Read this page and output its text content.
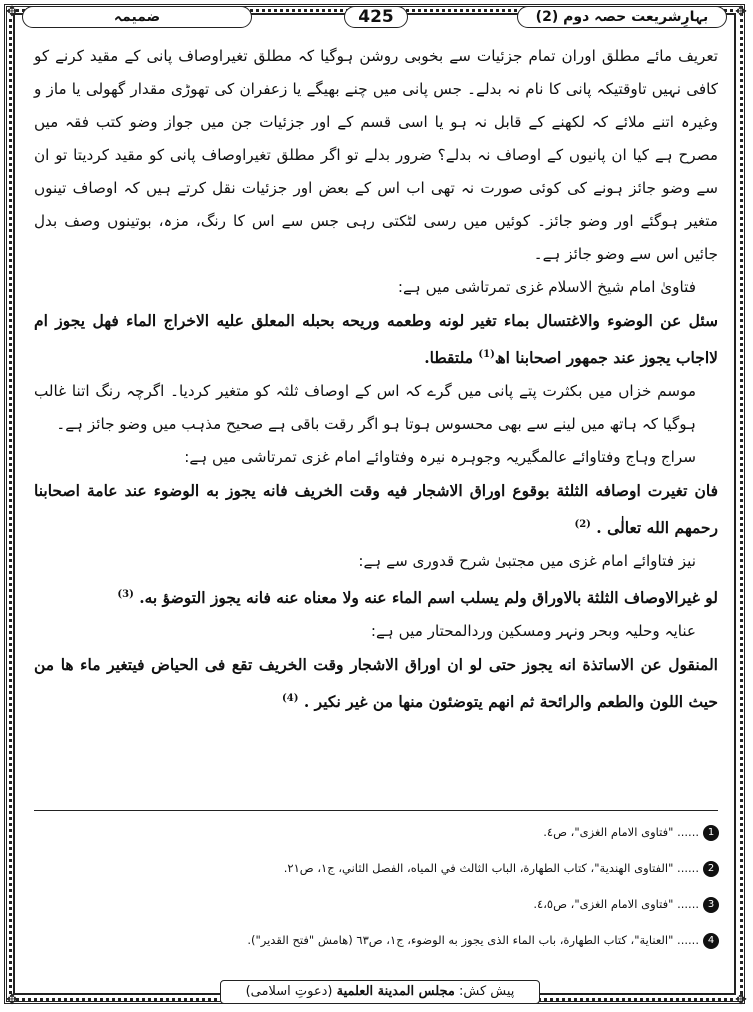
✥	✥
✥	✥
بہارِشریعت حصہ دوم (2)
425
ضمیمہ

تعریف مائے مطلق اوران تمام جزئیات سے بخوبی روشن ہوگیا کہ مطلق تغیراوصاف پانی کے مقید کرنے کو کافی نہیں تاوقتیکہ پانی کا نام نہ بدلے۔ جس پانی میں چنے بھیگے یا زعفران کی تھوڑی مقدار گھولی یا ماز و وغیرہ اتنے ملائے کہ لکھنے کے قابل نہ ہو یا اسی قسم کے اور جزئیات جن میں جواز وضو کتب فقہ میں مصرح ہے کیا ان پانیوں کے اوصاف نہ بدلے؟ ضرور بدلے تو اگر مطلق تغیراوصاف پانی کو مقید کردیتا تو ان سے وضو جائز ہونے کی کوئی صورت نہ تھی اب اس کے بعض اور جزئیات نقل کرتے ہیں کہ اوصاف تینوں متغیر ہوگئے اور وضو جائز۔ کوئیں میں رسی لٹکتی رہی جس سے اس کا رنگ، مزہ، بوتینوں وصف بدل جائیں اس سے وضو جائز ہے۔

فتاویٰ امام شیخ الاسلام غزی تمرتاشی میں ہے:

سئل عن الوضوء والاغتسال بماء تغير لونه وطعمه وريحه بحبله المعلق عليه الاخراج الماء فهل يجوز ام لااجاب يجوز عند جمهور اصحابنا اھ$^{(1)}$ ملتقطا.

موسم خزاں میں بکثرت پتے پانی میں گرے کہ اس کے اوصاف ثلثہ کو متغیر کردیا۔ اگرچہ رنگ اتنا غالب ہوگیا کہ ہاتھ میں لینے سے بھی محسوس ہوتا ہو اگر رقت باقی ہے صحیح مذہب میں وضو جائز ہے۔

سراج وہاج وفتاوائے عالمگیریہ وجوہرہ نیرہ وفتاوائے امام غزی تمرتاشی میں ہے:

فان تغيرت اوصافه الثلثة بوقوع اوراق الاشجار فيه وقت الخريف فانه يجوز به الوضوء عند عامة اصحابنا رحمهم الله تعالٰى . $^{(2)}$

نیز فتاوائے امام غزی میں مجتبیٰ شرح قدوری سے ہے:

لو غيرالاوصاف الثلثة بالاوراق ولم يسلب اسم الماء عنه ولا معناه عنه فانه يجوز التوضؤ به. $^{(3)}$

عنایہ وحلیہ وبحر ونہر ومسکین وردالمحتار میں ہے:

المنقول عن الاساتذة انه يجوز حتى لو ان اوراق الاشجار وقت الخريف تقع فى الحياض فيتغير ماء ها من حيث اللون والطعم والرائحة ثم انهم يتوضئون منها من غير نكير . $^{(4)}$

1...... "فتاوى الامام الغزى"، ص٤.
2...... "الفتاوى الهندية"، كتاب الطهارة، الباب الثالث في المياه، الفصل الثاني، ج١، ص٢١.
3...... "فتاوى الامام الغزى"، ص٤،٥.
4...... "العناية"، كتاب الطهارة، باب الماء الذى يجوز به الوضوء، ج١، ص٦٣ (هامش "فتح القدير").
پیش کش: مجلس المدينة العلمية (دعوتِ اسلامی)
